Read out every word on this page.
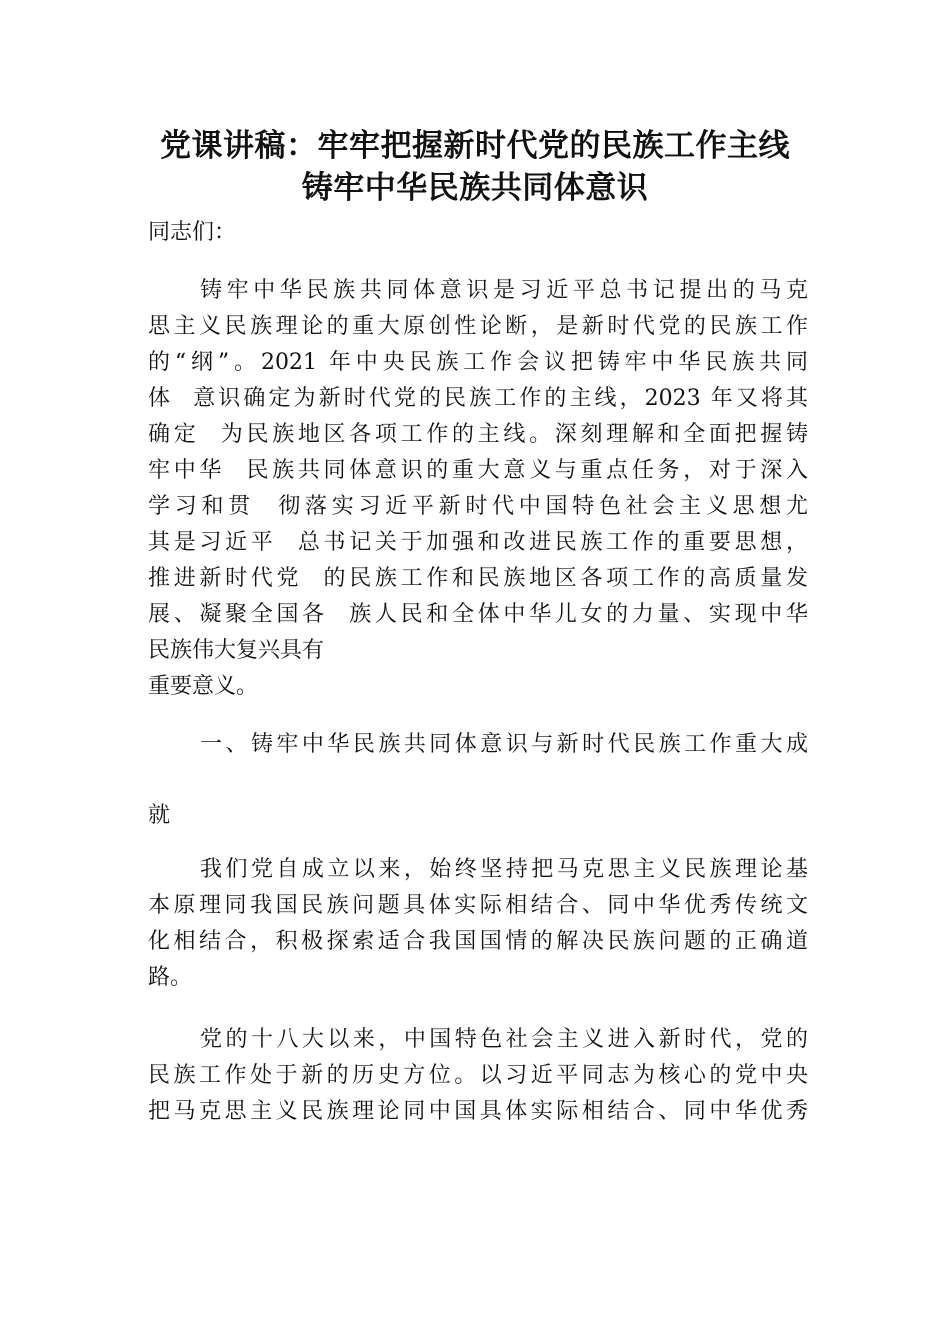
党课讲稿：牢牢把握新时代党的民族工作主线
铸牢中华民族共同体意识
同志们：
铸牢中华民族共同体意识是习近平总书记提出的马克
思主义民族理论的重大原创性论断，是新时代党的民族工作
的“纲”。2021 年中央民族工作会议把铸牢中华民族共同
体  意识确定为新时代党的民族工作的主线，2023 年又将其
确定  为民族地区各项工作的主线。深刻理解和全面把握铸
牢中华  民族共同体意识的重大意义与重点任务，对于深入
学习和贯  彻落实习近平新时代中国特色社会主义思想尤
其是习近平  总书记关于加强和改进民族工作的重要思想，
推进新时代党  的民族工作和民族地区各项工作的高质量发
展、凝聚全国各  族人民和全体中华儿女的力量、实现中华
民族伟大复兴具有
重要意义。
一、铸牢中华民族共同体意识与新时代民族工作重大成
就
我们党自成立以来，始终坚持把马克思主义民族理论基
本原理同我国民族问题具体实际相结合、同中华优秀传统文
化相结合，积极探索适合我国国情的解决民族问题的正确道
路。
党的十八大以来，中国特色社会主义进入新时代，党的
民族工作处于新的历史方位。以习近平同志为核心的党中央
把马克思主义民族理论同中国具体实际相结合、同中华优秀
